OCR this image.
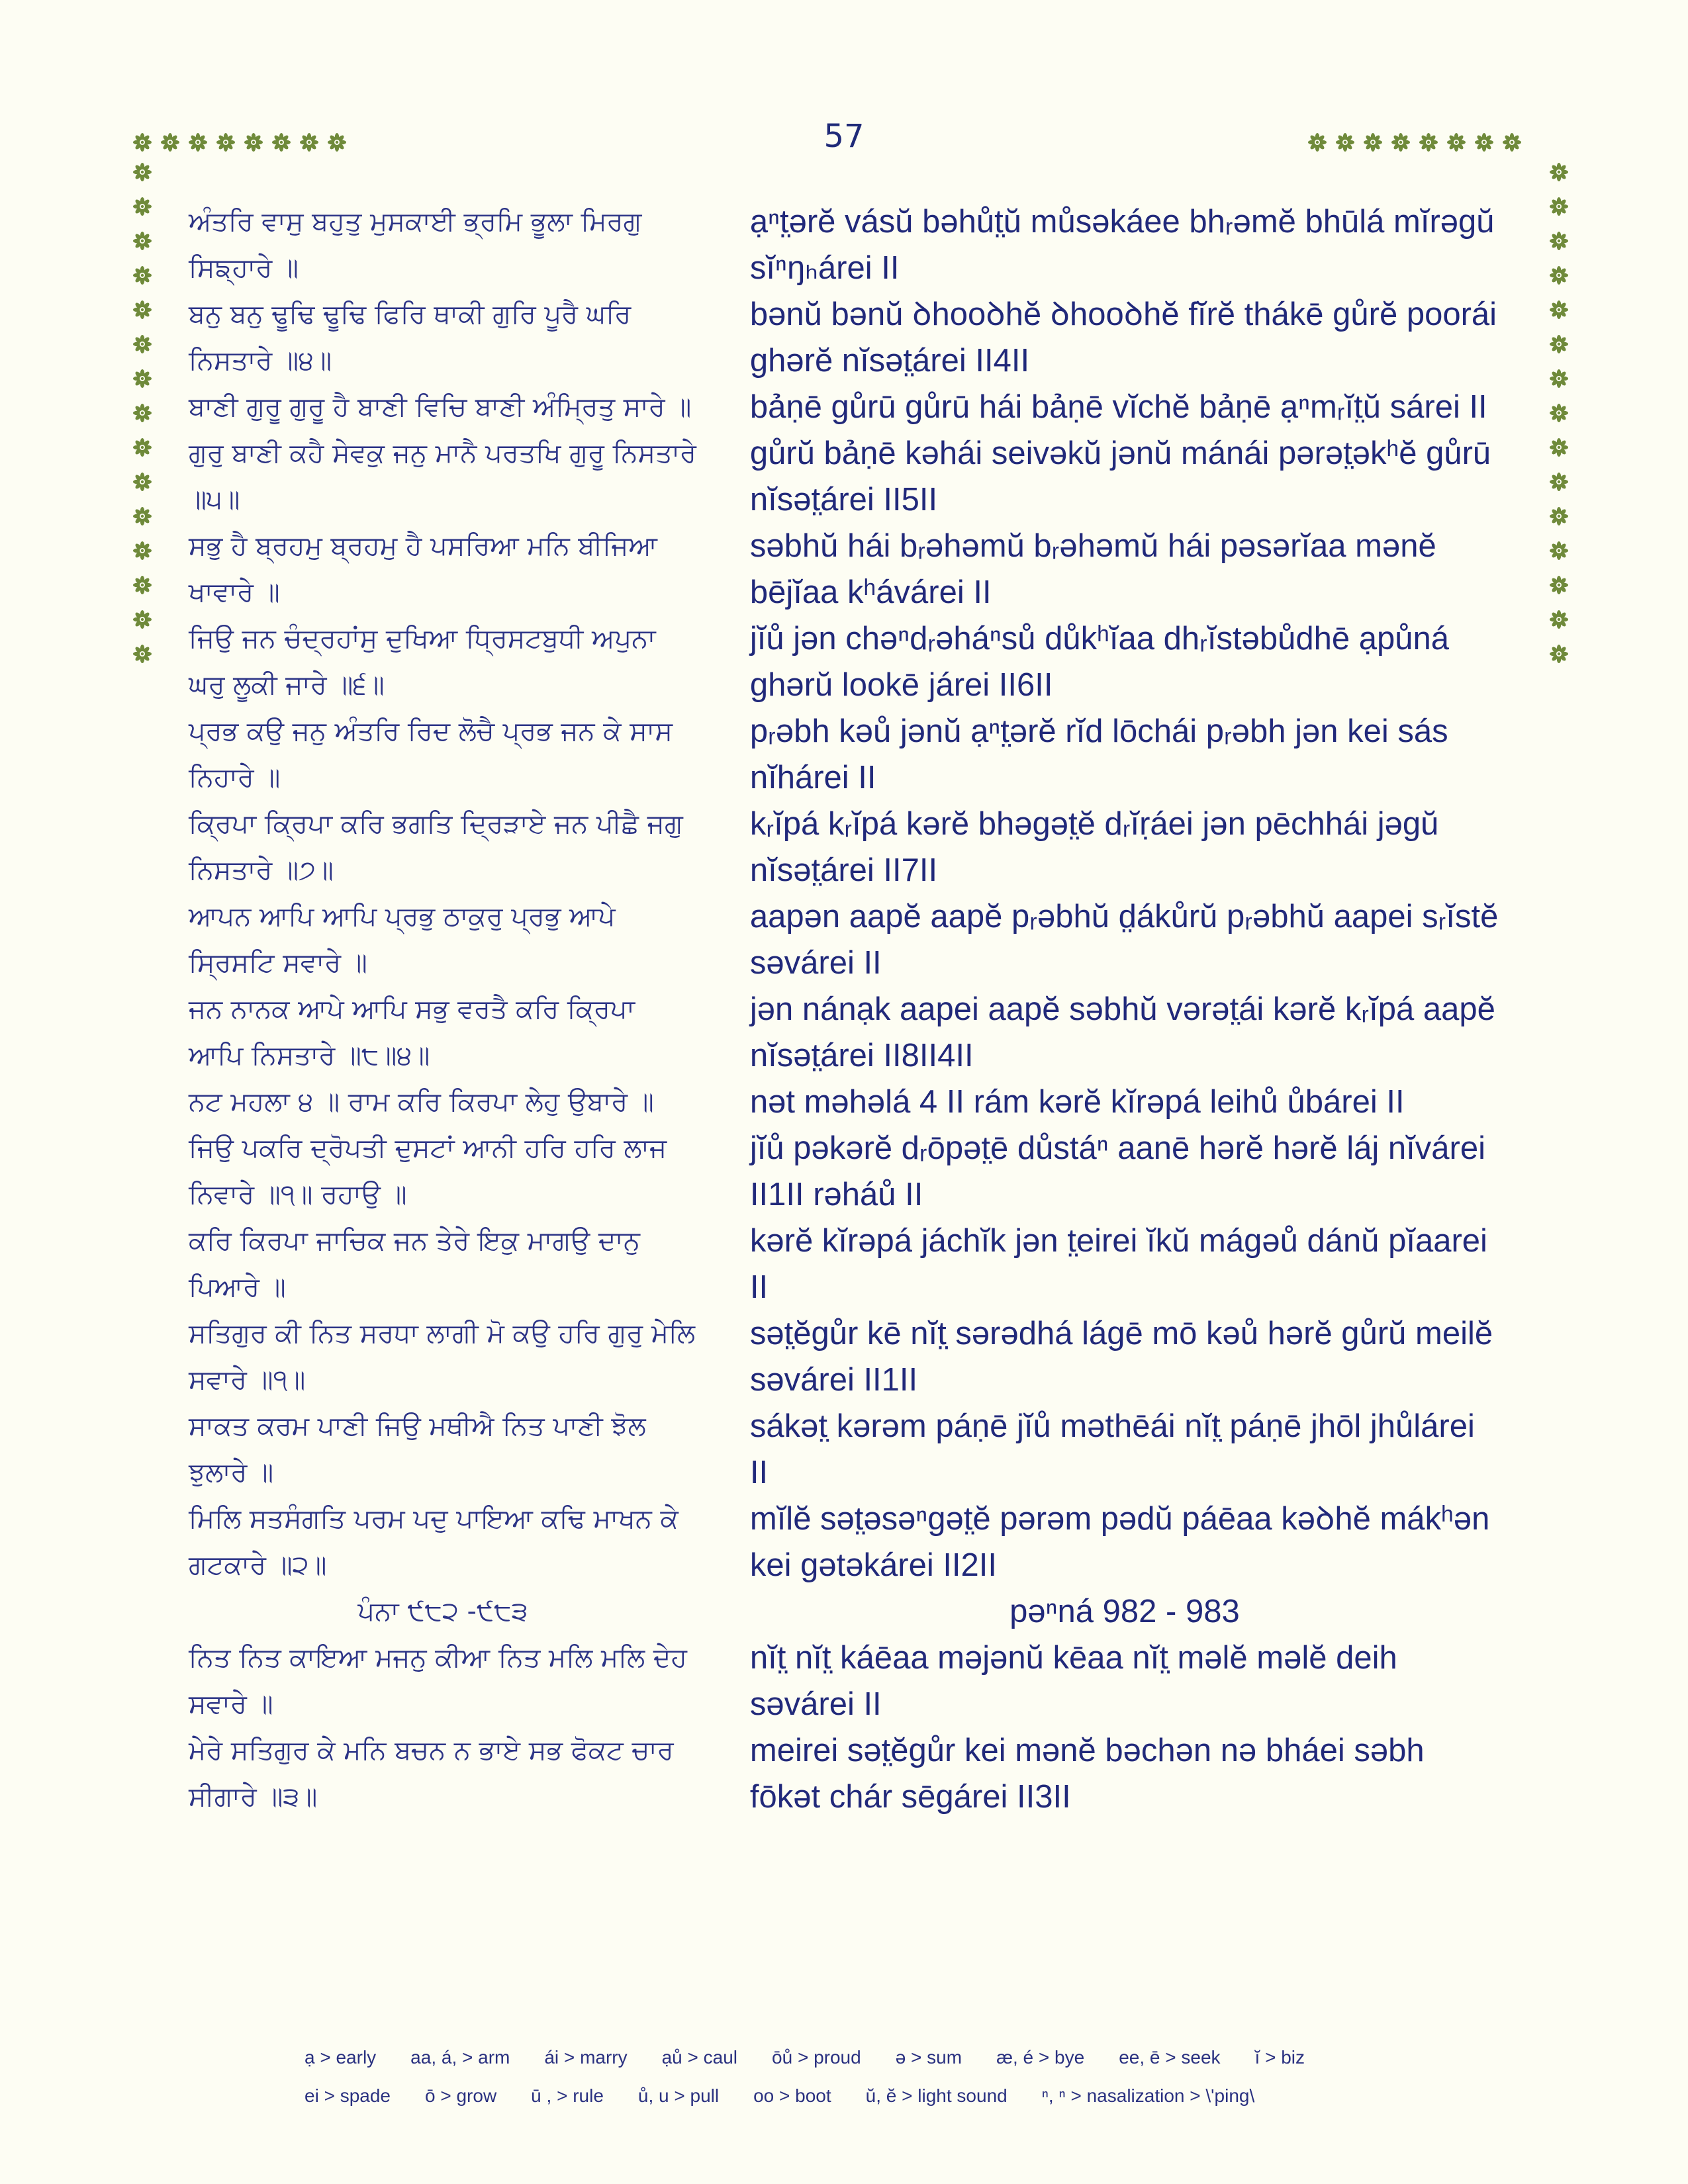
57
ਅੰਤਰਿ ਵਾਸੁ ਬਹੁਤੁ ਮੁਸਕਾਈ ਭ੍ਰਮਿ ਭੂਲਾ ਮਿਰਗੁ ਸਿਙ੍ਹਾਰੇ ॥
ạⁿt̤ərĕ vásŭ bəhůt̤ŭ můsəkáee bhᵣəmĕ bhūlá mĭrəgŭ sĭⁿŋₕárei II
ਬਨੁ ਬਨੁ ਢੂਢਿ ਢੂਢਿ ਫਿਰਿ ਥਾਕੀ ਗੁਰਿ ਪੂਰੈ ਘਰਿ ਨਿਸਤਾਰੇ ॥੪॥
bənŭ bənŭ ꝺhooꝺhĕ ꝺhooꝺhĕ fĭrĕ thákē gůrĕ poorái ghərĕ nĭsət̤árei II4II
ਬਾਣੀ ਗੁਰੂ ਗੁਰੂ ਹੈ ਬਾਣੀ ਵਿਚਿ ਬਾਣੀ ਅੰਮ੍ਰਿਤੁ ਸਾਰੇ ॥ bảṇē gůrū gůrū hái bảṇē vĭchĕ bảṇē ạⁿmᵣĭt̤ŭ sárei II
ਗੁਰੁ ਬਾਣੀ ਕਹੈ ਸੇਵਕੁ ਜਨੁ ਮਾਨੈ ਪਰਤਖਿ ਗੁਰੂ ਨਿਸਤਾਰੇ ॥੫॥
gůrŭ bảṇē kəhái seivəkŭ jənŭ mánái pərət̤əkʰĕ gůrū nĭsət̤árei II5II
ਸਭੁ ਹੈ ਬ੍ਰਹਮੁ ਬ੍ਰਹਮੁ ਹੈ ਪਸਰਿਆ ਮਨਿ ਬੀਜਿਆ ਖਾਵਾਰੇ ॥
səbhŭ hái bᵣəhəmŭ bᵣəhəmŭ hái pəsərĭaa mənĕ bējĭaa kʰávárei II
ਜਿਉ ਜਨ ਚੰਦ੍ਰਹਾਂਸੁ ਦੁਖਿਆ ਧ੍ਰਿਸਟਬੁਧੀ ਅਪੁਨਾ ਘਰੁ ਲੂਕੀ ਜਾਰੇ ॥੬॥
jĭů jən chəⁿdᵣəháⁿsů důkʰĭaa dhᵣĭstəbůdhē ạpůná ghərŭ lookē járei II6II
ਪ੍ਰਭ ਕਉ ਜਨੁ ਅੰਤਰਿ ਰਿਦ ਲੋਚੈ ਪ੍ਰਭ ਜਨ ਕੇ ਸਾਸ ਨਿਹਾਰੇ ॥
pᵣəbh kəů jənŭ ạⁿt̤ərĕ rĭd lōchái pᵣəbh jən kei sás nĭhárei II
ਕ੍ਰਿਪਾ ਕ੍ਰਿਪਾ ਕਰਿ ਭਗਤਿ ਦ੍ਰਿੜਾਏ ਜਨ ਪੀਛੈ ਜਗੁ ਨਿਸਤਾਰੇ ॥੭॥
kᵣĭpá kᵣĭpá kərĕ bhəgət̤ĕ dᵣĭṛáei jən pēchhái jəgŭ nĭsət̤árei II7II
ਆਪਨ ਆਪਿ ਆਪਿ ਪ੍ਰਭੁ ਠਾਕੁਰੁ ਪ੍ਰਭੁ ਆਪੇ ਸ੍ਰਿਸਟਿ ਸਵਾਰੇ ॥
aapən aapĕ aapĕ pᵣəbhŭ d̤ákůrŭ pᵣəbhŭ aapei sᵣĭstĕ səvárei II
ਜਨ ਨਾਨਕ ਆਪੇ ਆਪਿ ਸਭੁ ਵਰਤੈ ਕਰਿ ਕ੍ਰਿਪਾ ਆਪਿ ਨਿਸਤਾਰੇ ॥੮॥੪॥
jən nánạk aapei aapĕ səbhŭ vərət̤ái kərĕ kᵣĭpá aapĕ nĭsət̤árei II8II4II
ਨਟ ਮਹਲਾ ੪ ॥ ਰਾਮ ਕਰਿ ਕਿਰਪਾ ਲੇਹੁ ਉਬਾਰੇ ॥	nət məhəlá 4 II rám kərĕ kĭrəpá leihů ůbárei II
ਜਿਉ ਪਕਰਿ ਦ੍ਰੋਪਤੀ ਦੁਸਟਾਂ ਆਨੀ ਹਰਿ ਹਰਿ ਲਾਜ ਨਿਵਾਰੇ ॥੧॥ ਰਹਾਉ ॥
jĭů pəkərĕ dᵣōpət̤ē důstáⁿ aanē hərĕ hərĕ láj nĭvárei II1II rəháů II
ਕਰਿ ਕਿਰਪਾ ਜਾਚਿਕ ਜਨ ਤੇਰੇ ਇਕੁ ਮਾਗਉ ਦਾਨੁ ਪਿਆਰੇ ॥
kərĕ kĭrəpá jáchĭk jən t̤eirei ĭkŭ mágəů dánŭ pĭaarei II
ਸਤਿਗੁਰ ਕੀ ਨਿਤ ਸਰਧਾ ਲਾਗੀ ਮੋ ਕਉ ਹਰਿ ਗੁਰੁ ਮੇਲਿ ਸਵਾਰੇ ॥੧॥
sət̤ĕgůr kē nĭt̤ sərədhá lágē mō kəů hərĕ gůrŭ meilĕ səvárei II1II
ਸਾਕਤ ਕਰਮ ਪਾਣੀ ਜਿਉ ਮਥੀਐ ਨਿਤ ਪਾਣੀ ਝੋਲ ਝੁਲਾਰੇ ॥
sákət̤ kərəm páṇē jĭů məthēái nĭt̤ páṇē jhōl jhůlárei II
ਮਿਲਿ ਸਤਸੰਗਤਿ ਪਰਮ ਪਦੁ ਪਾਇਆ ਕਢਿ ਮਾਖਨ ਕੇ ਗਟਕਾਰੇ ॥੨॥
mĭlĕ sət̤əsəⁿgət̤ĕ pərəm pədŭ páēaa kəꝺhĕ mákʰən kei gətəkárei II2II
ਪੰਨਾ ੯੮੨ -੯੮੩	pəⁿná 982 - 983
ਨਿਤ ਨਿਤ ਕਾਇਆ ਮਜਨੁ ਕੀਆ ਨਿਤ ਮਲਿ ਮਲਿ ਦੇਹ ਸਵਾਰੇ ॥
nĭt̤ nĭt̤ káēaa məjənŭ kēaa nĭt̤ məlĕ məlĕ deih səvárei II
ਮੇਰੇ ਸਤਿਗੁਰ ਕੇ ਮਨਿ ਬਚਨ ਨ ਭਾਏ ਸਭ ਫੋਕਟ ਚਾਰ ਸੀਗਾਰੇ ॥੩॥
meirei sət̤ĕgůr kei mənĕ bəchən nə bháei səbh fōkət chár sēgárei II3II
ạ > early aa, á, > arm ái > marry ạů > caul ōů > proud ə > sum æ, é > bye ee, ē > seek ĭ > biz
ei > spade ō > grow ū , > rule ů, u > pull oo > boot ŭ, ĕ > light sound ⁿ, ⁿ > nasalization > \'ping\
